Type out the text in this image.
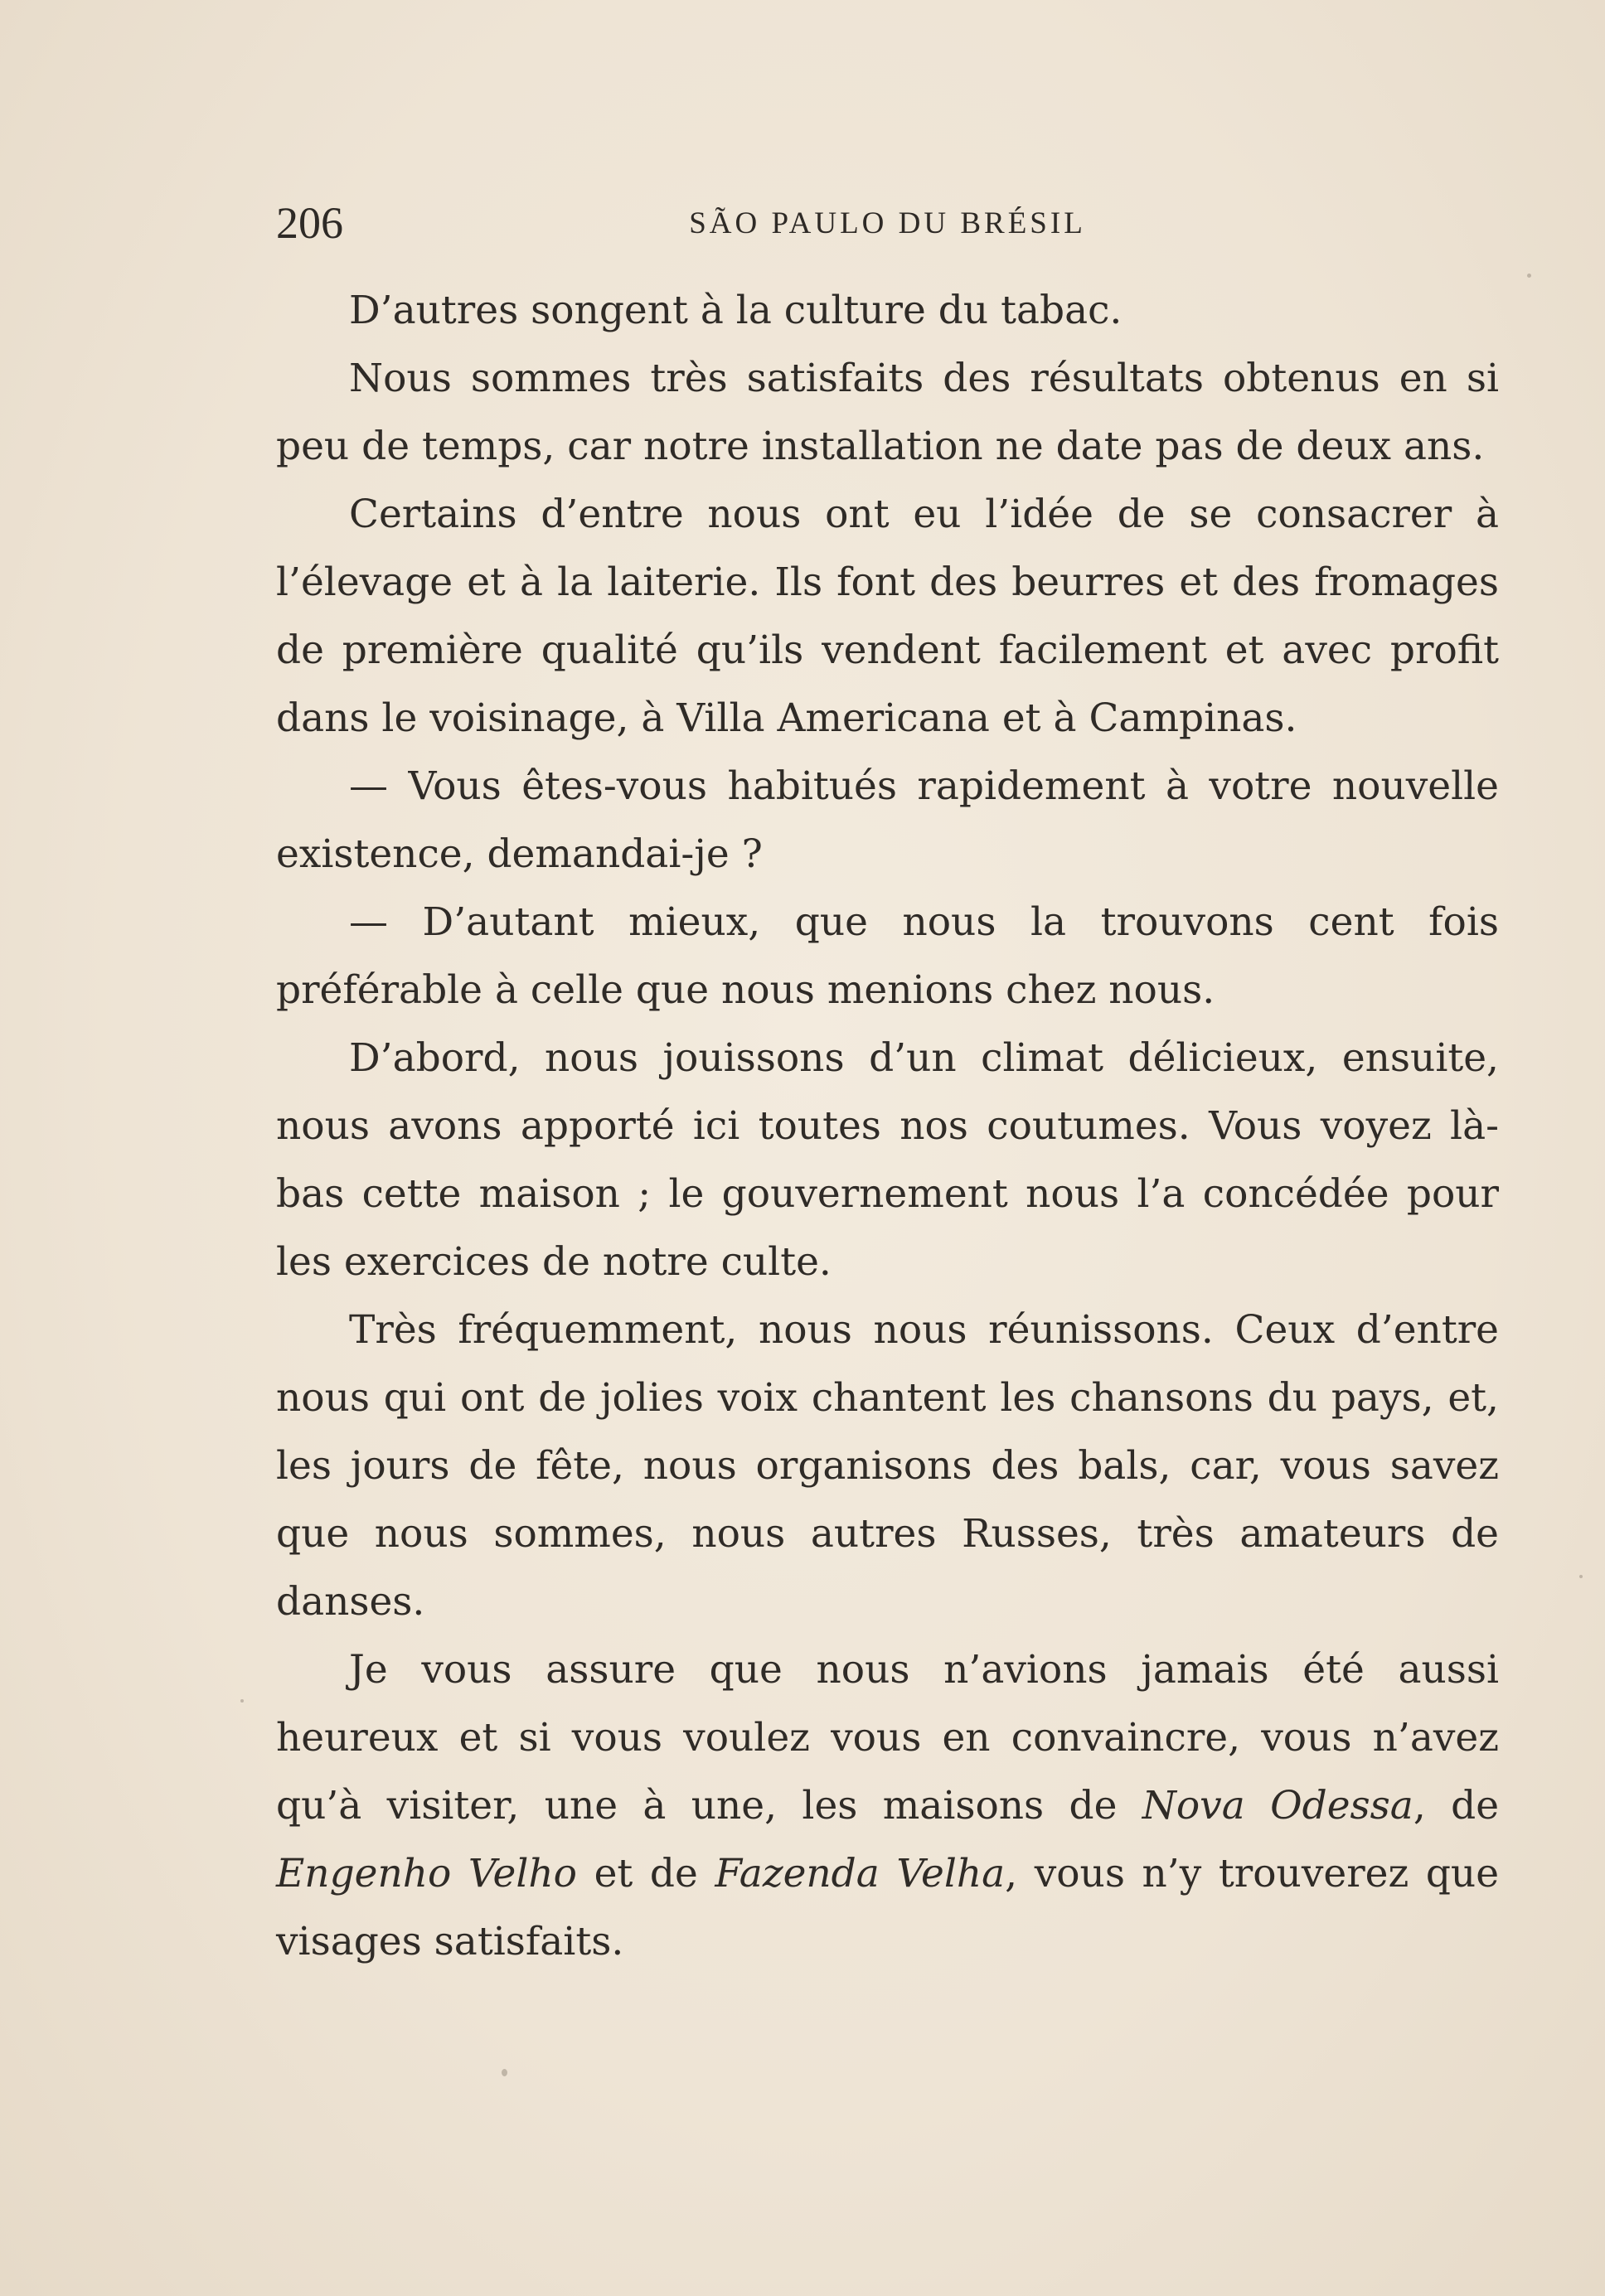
206	SÃO PAULO DU BRÉSIL

D’autres songent à la culture du tabac.

Nous sommes très satisfaits des résultats obtenus en si peu de temps, car notre installation ne date pas de deux ans.

Certains d’entre nous ont eu l’idée de se consacrer à l’élevage et à la laiterie. Ils font des beurres et des fromages de première qualité qu’ils vendent facilement et avec profit dans le voisinage, à Villa Americana et à Campinas.

— Vous êtes-vous habitués rapidement à votre nouvelle existence, demandai-je ?

— D’autant mieux, que nous la trouvons cent fois préférable à celle que nous menions chez nous.

D’abord, nous jouissons d’un climat délicieux, ensuite, nous avons apporté ici toutes nos coutumes. Vous voyez là-bas cette maison ; le gouvernement nous l’a concédée pour les exercices de notre culte.

Très fréquemment, nous nous réunissons. Ceux d’entre nous qui ont de jolies voix chantent les chansons du pays, et, les jours de fête, nous organisons des bals, car, vous savez que nous sommes, nous autres Russes, très amateurs de danses.

Je vous assure que nous n’avions jamais été aussi heureux et si vous voulez vous en convaincre, vous n’avez qu’à visiter, une à une, les maisons de Nova Odessa, de Engenho Velho et de Fazenda Velha, vous n’y trouverez que visages satisfaits.
